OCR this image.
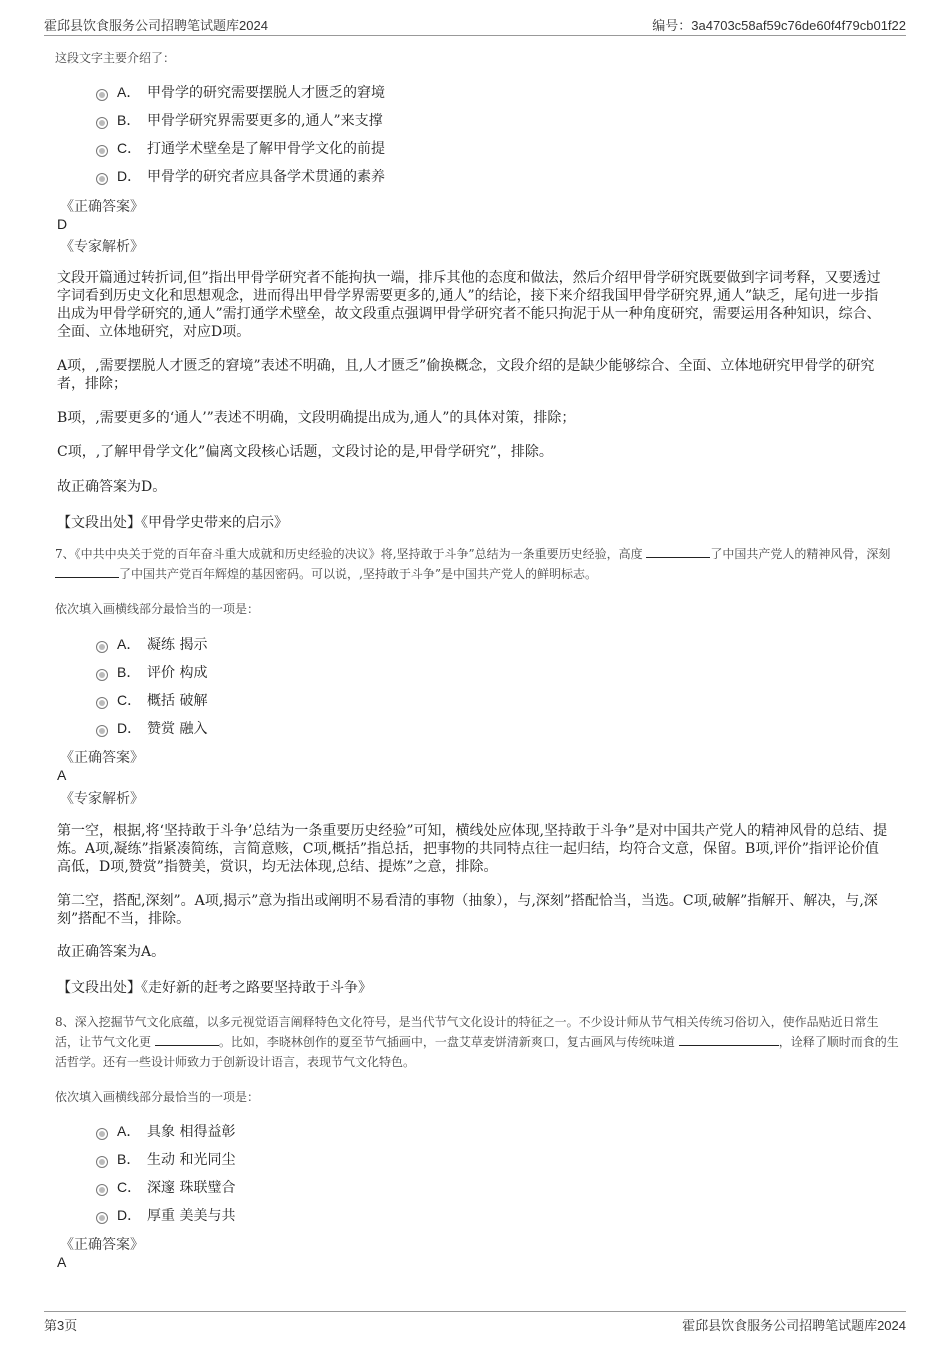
霍邱县饮食服务公司招聘笔试题库2024	编号：3a4703c58af59c76de60f4f79cb01f22
这段文字主要介绍了：
A． 甲骨学的研究需要摆脱人才匮乏的窘境
B． 甲骨学研究界需要更多的‚通人”来支撑
C． 打通学术壁垒是了解甲骨学文化的前提
D． 甲骨学的研究者应具备学术贯通的素养
《正确答案》
D
《专家解析》
文段开篇通过转折词‚但”指出甲骨学研究者不能拘执一端，排斥其他的态度和做法，然后介绍甲骨学研究既要做到字词考释，又要透过字词看到历史文化和思想观念，进而得出甲骨学界需要更多的‚通人”的结论，接下来介绍我国甲骨学研究界‚通人”缺乏，尾句进一步指出成为甲骨学研究的‚通人”需打通学术壁垒，故文段重点强调甲骨学研究者不能只拘泥于从一种角度研究，需要运用各种知识，综合、全面、立体地研究，对应D项。
A项，‚需要摆脱人才匮乏的窘境”表述不明确，且‚人才匮乏”偷换概念，文段介绍的是缺少能够综合、全面、立体地研究甲骨学的研究者，排除；
B项，‚需要更多的‘通人’”表述不明确，文段明确提出成为‚通人”的具体对策，排除；
C项，‚了解甲骨学文化”偏离文段核心话题，文段讨论的是‚甲骨学研究”，排除。
故正确答案为D。
【文段出处】《甲骨学史带来的启示》
7、《中共中央关于党的百年奋斗重大成就和历史经验的决议》将‚坚持敢于斗争”总结为一条重要历史经验，高度	了中国共产党人的精神风骨，深刻 了中国共产党百年辉煌的基因密码。可以说，‚坚持敢于斗争”是中国共产党人的鲜明标志。
依次填入画横线部分最恰当的一项是：
A． 凝练 揭示
B． 评价 构成
C． 概括 破解
D． 赞赏 融入
《正确答案》
A
《专家解析》
第一空，根据‚将‘坚持敢于斗争’总结为一条重要历史经验”可知，横线处应体现‚坚持敢于斗争”是对中国共产党人的精神风骨的总结、提炼。A项‚凝练”指紧凑简练，言简意赅，C项‚概括”指总括，把事物的共同特点往一起归结，均符合文意，保留。B项‚评价”指评论价值高低，D项‚赞赏”指赞美，赏识，均无法体现‚总结、提炼”之意，排除。
第二空，搭配‚深刻”。A项‚揭示”意为指出或阐明不易看清的事物（抽象），与‚深刻”搭配恰当，当选。C项‚破解”指解开、解决，与‚深刻”搭配不当，排除。
故正确答案为A。
【文段出处】《走好新的赶考之路要坚持敢于斗争》
8、深入挖掘节气文化底蕴，以多元视觉语言阐释特色文化符号，是当代节气文化设计的特征之一。不少设计师从节气相关传统习俗切入，使作品贴近日常生活，让节气文化更	。比如，李晓林创作的夏至节气插画中，一盘艾草麦饼清新爽口，复古画风与传统味道	，诠释了顺时而食的生活哲学。还有一些设计师致力于创新设计语言，表现节气文化特色。
依次填入画横线部分最恰当的一项是：
A． 具象 相得益彰
B． 生动 和光同尘
C． 深邃 珠联璧合
D． 厚重 美美与共
《正确答案》
A
第3页	霍邱县饮食服务公司招聘笔试题库2024
